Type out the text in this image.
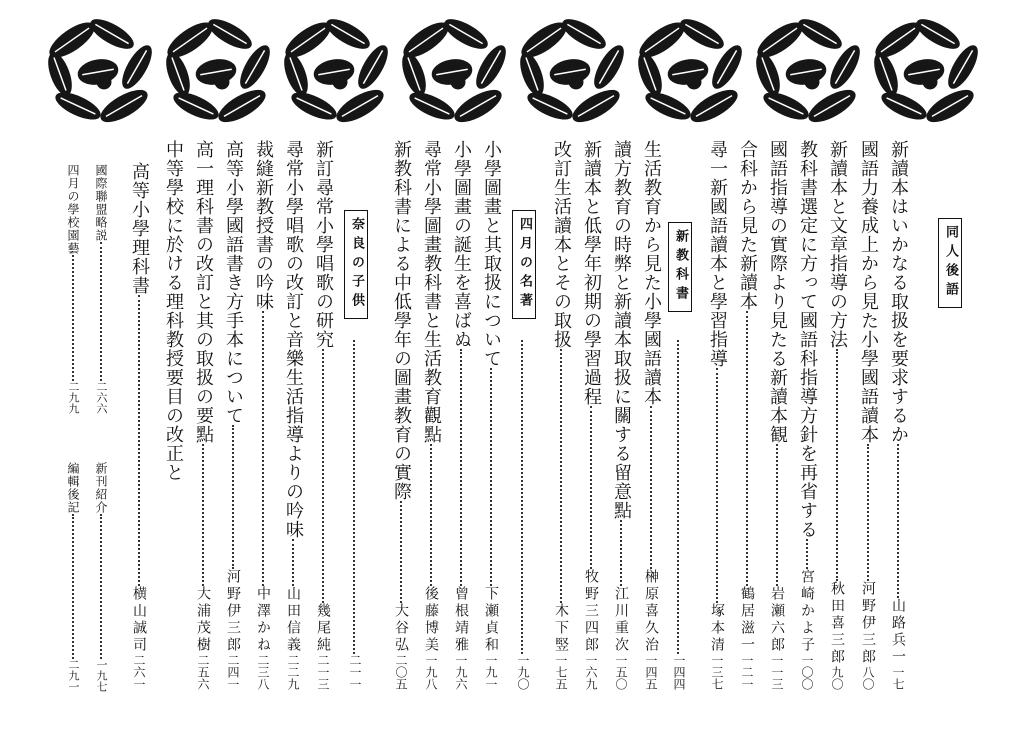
同人後語
新讀本はいかなる取扱を要求するか
山路兵一
一七
國語力養成上から見た小學國語讀本
河野伊三郎
八〇
新讀本と文章指導の方法
秋田喜三郎
九〇
教科書選定に方って國語科指導方針を再省する
宮崎かよ子
一〇〇
國語指導の實際より見たる新讀本観
岩瀬六郎
一一三
合科から見た新讀本
鶴居滋一
一二一
尋一新國語讀本と學習指導
塚本清
一三七
新教科書
一四四
生活教育から見た小學國語讀本
榊原喜久治
一四五
讀方教育の時弊と新讀本取扱に關する留意點
江川重次
一五〇
新讀本と低學年初期の學習過程
牧野三四郎
一六九
改訂生活讀本とその取扱
木下竪
一七五
四月の名著
一九〇
小學圖畫と其取扱について
下瀬貞和
一九一
小學圖畫の誕生を喜ばぬ
曾根靖雅
一九六
尋常小學圖畫教科書と生活教育觀點
後藤博美
一九八
新教科書による中低學年の圖畫教育の實際
大谷弘
二〇五
奈良の子供
二一一
新訂尋常小學唱歌の研究
幾尾純
二一三
尋常小學唱歌の改訂と音樂生活指導よりの吟味
山田信義
二二九
裁縫新教授書の吟味
中澤かね
二三八
高等小學國語書き方手本について
河野伊三郎
二四一
高一理科書の改訂と其の取扱の要點
大浦茂樹
二五六
中等學校に於ける理科教授要目の改正と
高等小學理科書
横山誠司
二六一
新刊紹介
一九七
編輯後記
二九一
國際聯盟略説
二六六
四月の學校園藝
二九九
